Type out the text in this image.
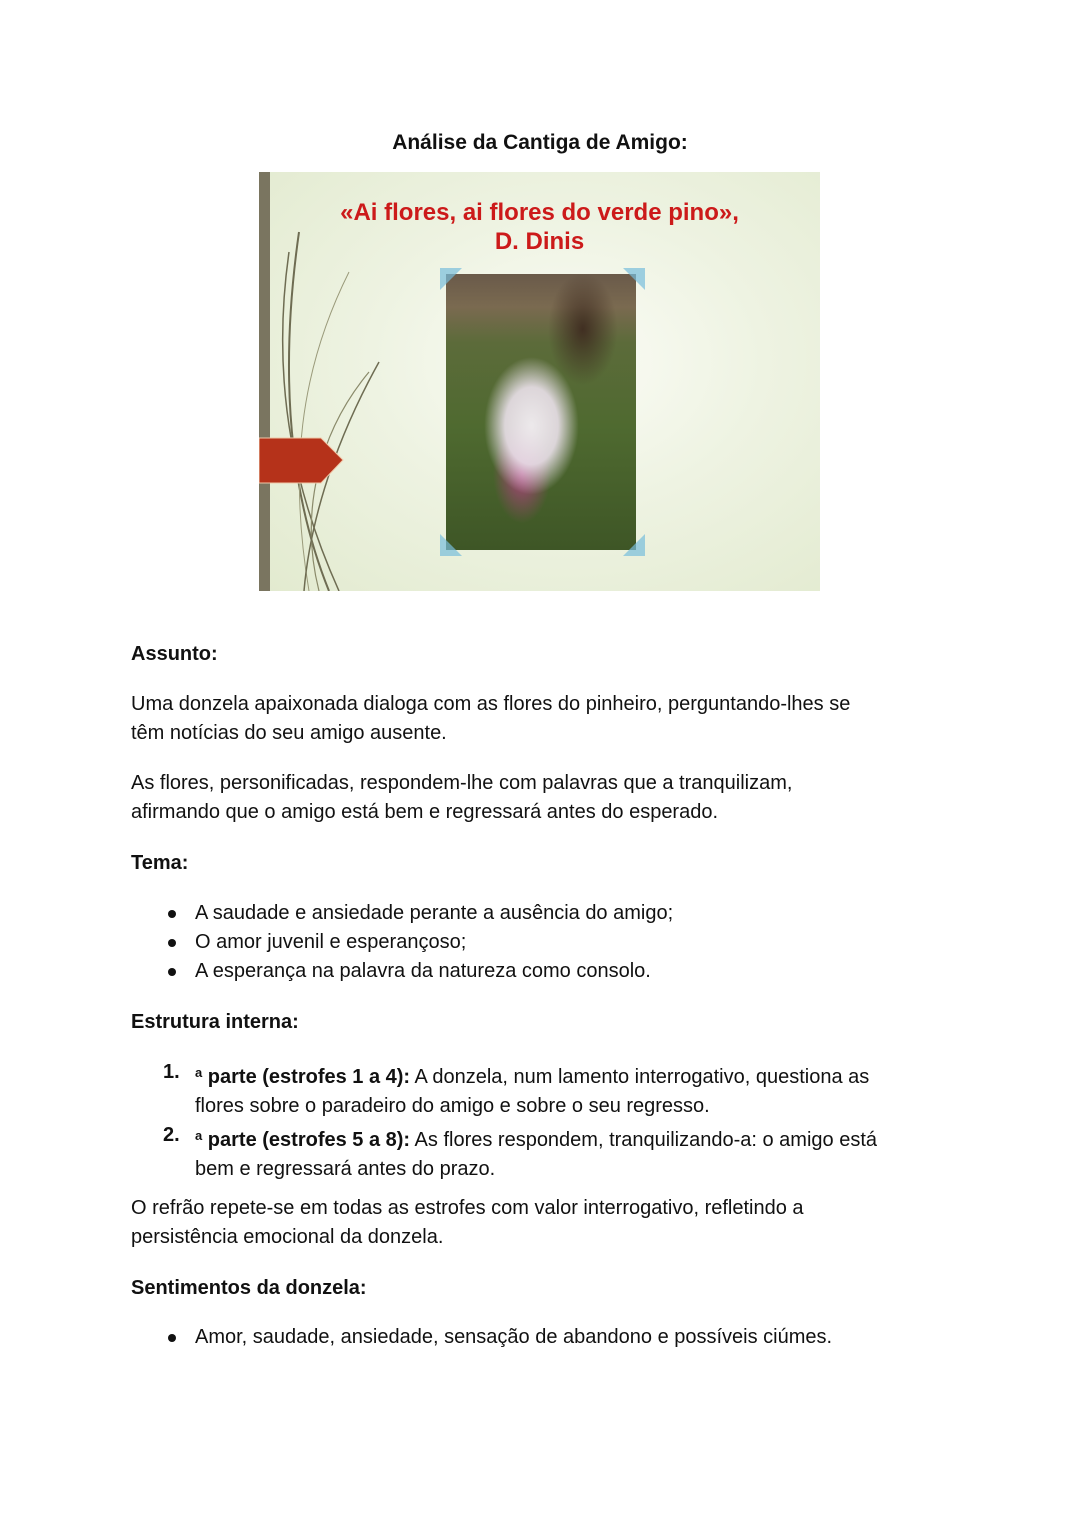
Análise da Cantiga de Amigo:
«Ai flores, ai flores do verde pino»,
D. Dinis
Assunto:
Uma donzela apaixonada dialoga com as flores do pinheiro, perguntando-lhes se
têm notícias do seu amigo ausente.
As flores, personificadas, respondem-lhe com palavras que a tranquilizam,
afirmando que o amigo está bem e regressará antes do esperado.
Tema:
A saudade e ansiedade perante a ausência do amigo;
O amor juvenil e esperançoso;
A esperança na palavra da natureza como consolo.
Estrutura interna:
1. $^a$ parte (estrofes 1 a 4): A donzela, num lamento interrogativo, questiona as
flores sobre o paradeiro do amigo e sobre o seu regresso.
2. $^a$ parte (estrofes 5 a 8): As flores respondem, tranquilizando-a: o amigo está
bem e regressará antes do prazo.
O refrão repete-se em todas as estrofes com valor interrogativo, refletindo a
persistência emocional da donzela.
Sentimentos da donzela:
Amor, saudade, ansiedade, sensação de abandono e possíveis ciúmes.
